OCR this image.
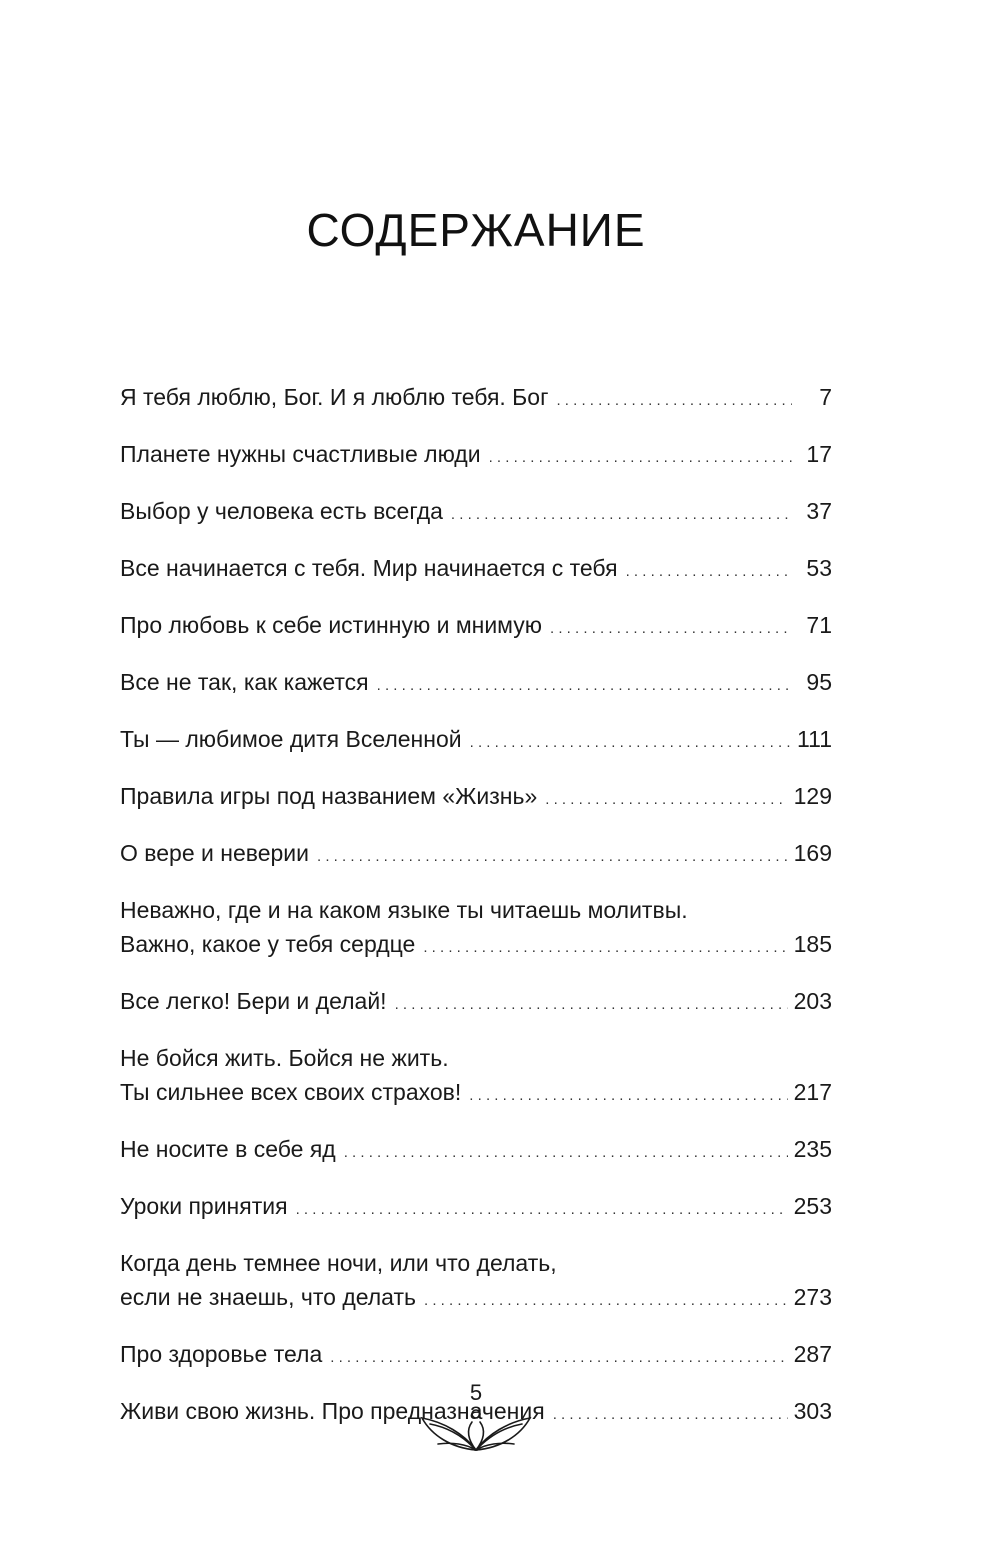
СОДЕРЖАНИЕ
Я тебя люблю, Бог. И я люблю тебя. Бог . . .	7
Планете нужны счастливые люди . . .	17
Выбор у человека есть всегда . . .	37
Все начинается с тебя. Мир начинается с тебя . . .	53
Про любовь к себе истинную и мнимую . . .	71
Все не так, как кажется . . .	95
Ты — любимое дитя Вселенной . . .	111
Правила игры под названием «Жизнь» . . .	129
О вере и неверии . . .	169
Неважно, где и на каком языке ты читаешь молитвы.
Важно, какое у тебя сердце . . .	185
Все легко! Бери и делай! . . .	203
Не бойся жить. Бойся не жить.
Ты сильнее всех своих страхов! . . .	217
Не носите в себе яд . . .	235
Уроки принятия . . .	253
Когда день темнее ночи, или что делать,
если не знаешь, что делать . . .	273
Про здоровье тела . . .	287
Живи свою жизнь. Про предназначения . . .	303
5
